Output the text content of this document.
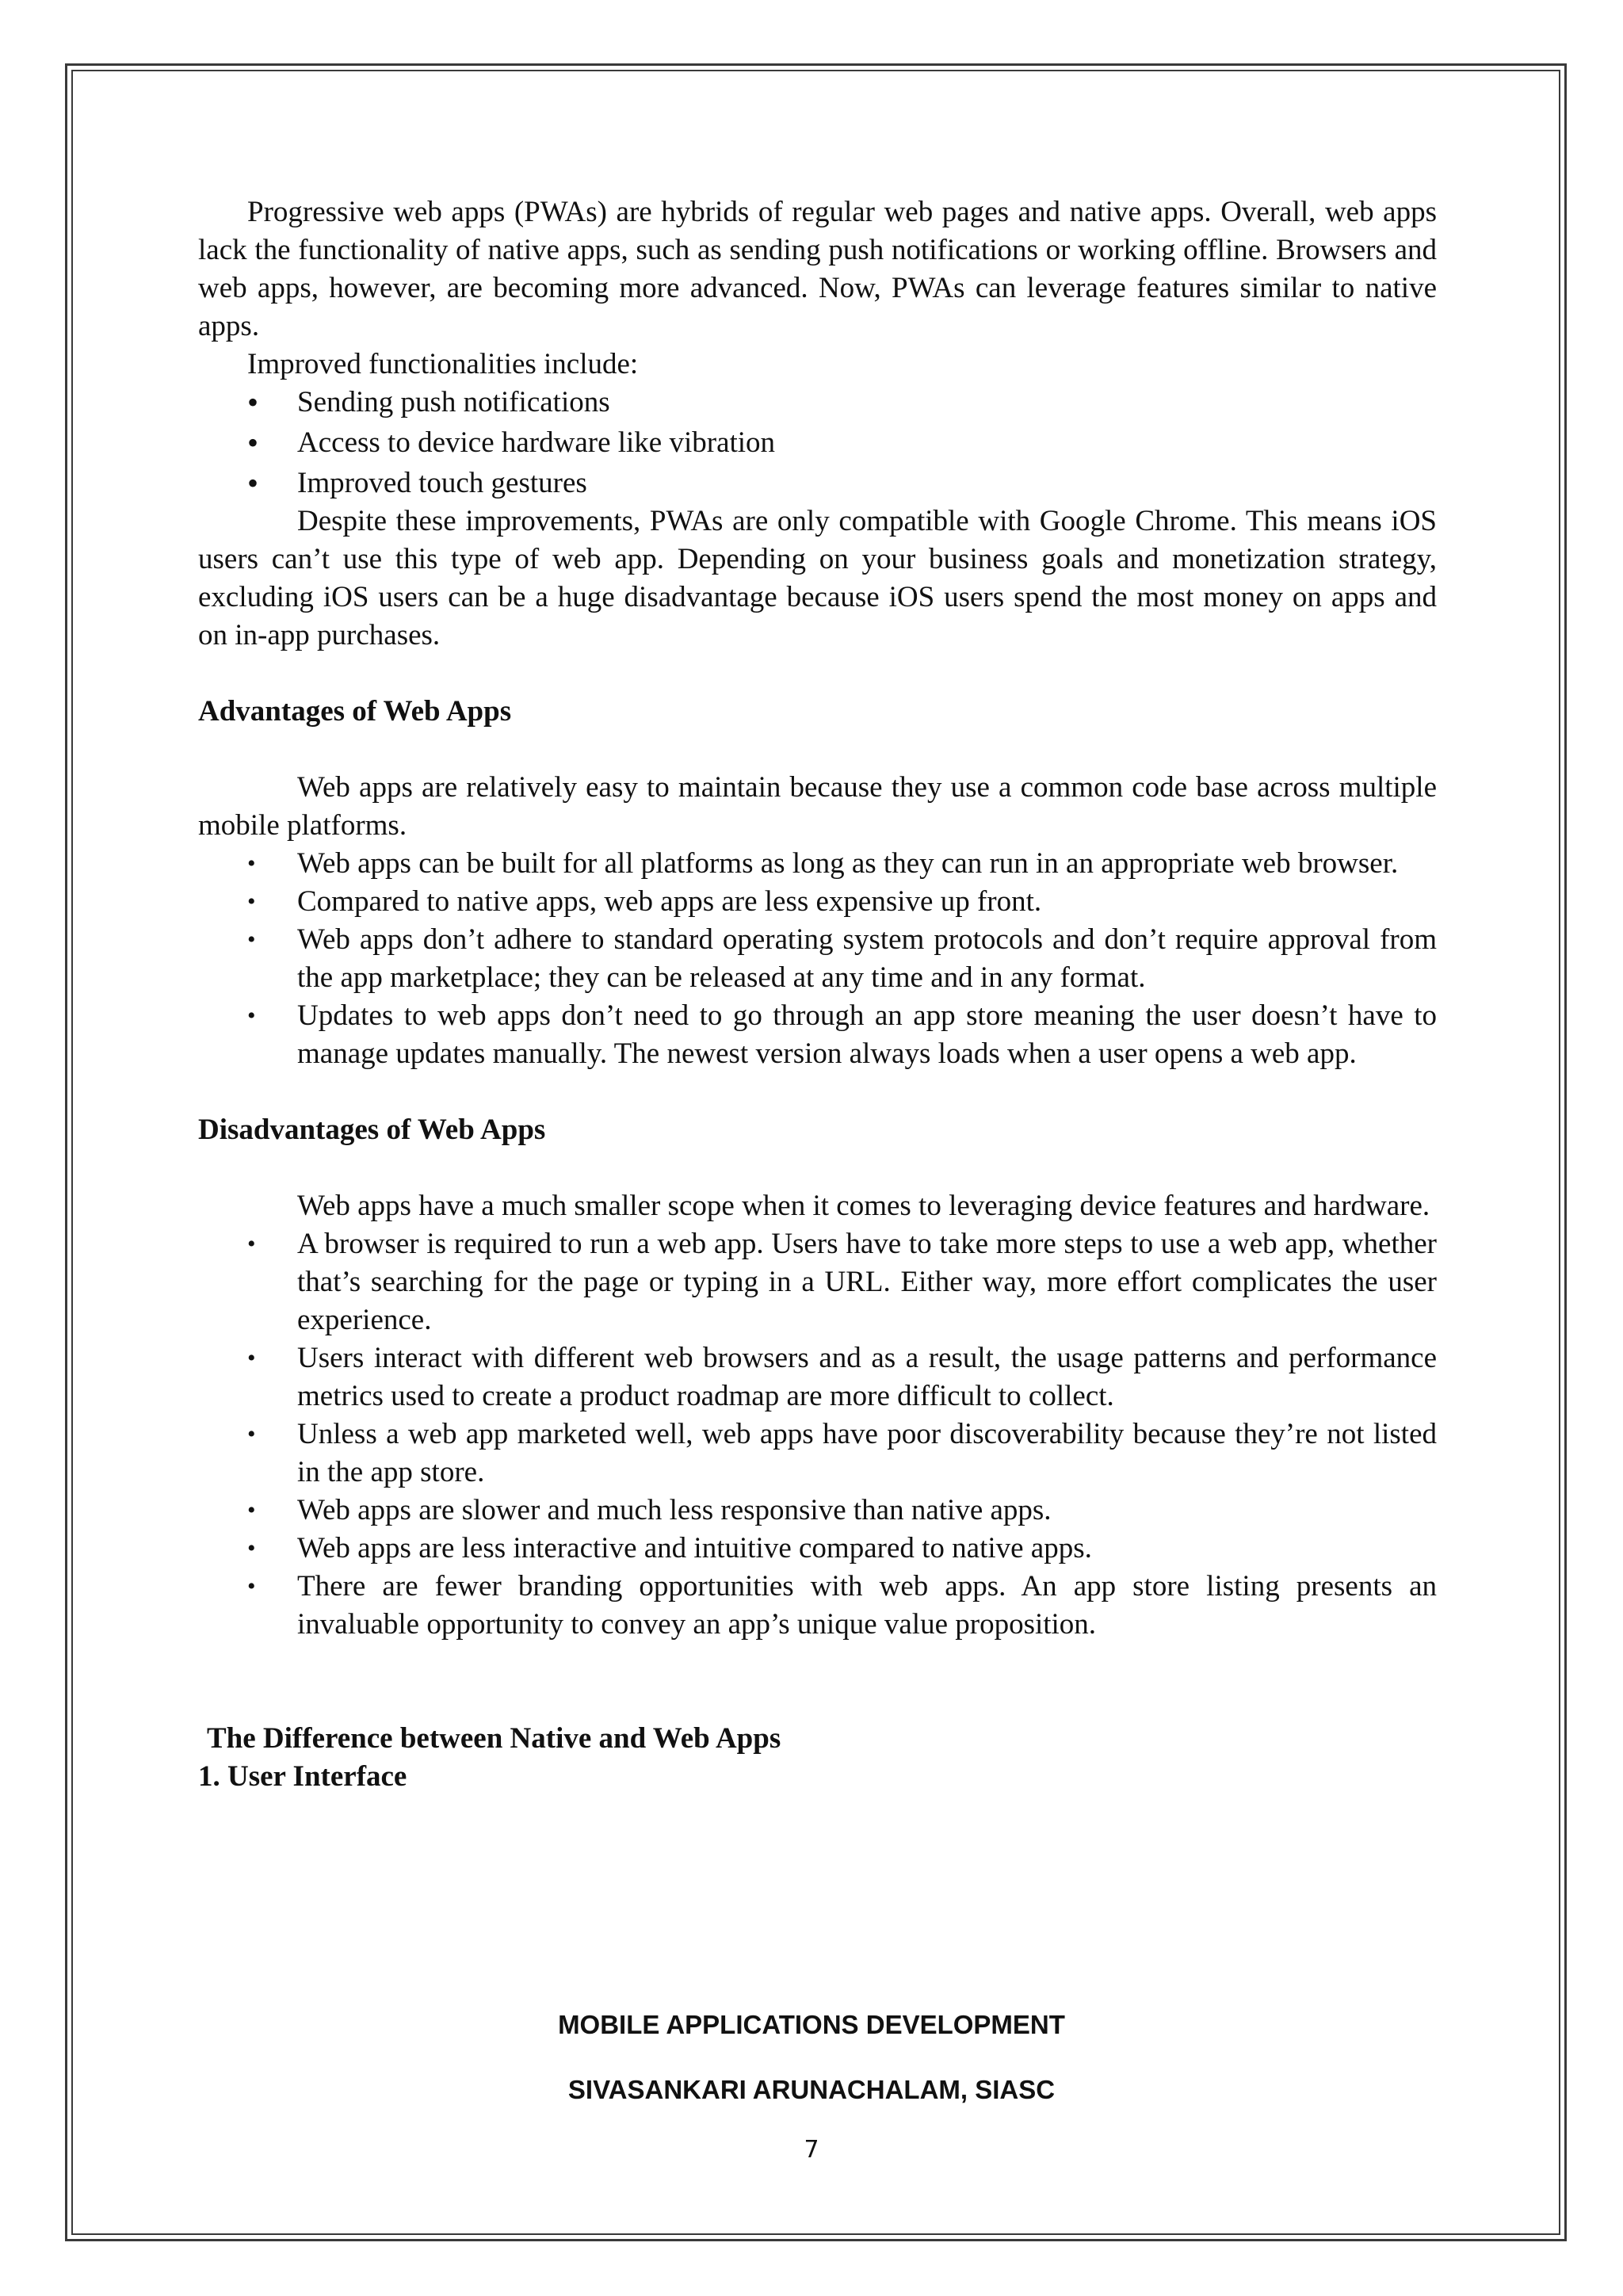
Progressive web apps (PWAs) are hybrids of regular web pages and native apps. Overall, web apps lack the functionality of native apps, such as sending push notifications or working offline. Browsers and web apps, however, are becoming more advanced. Now, PWAs can leverage features similar to native apps.

Improved functionalities include:

• Sending push notifications
• Access to device hardware like vibration
• Improved touch gestures

Despite these improvements, PWAs are only compatible with Google Chrome. This means iOS users can’t use this type of web app. Depending on your business goals and monetization strategy, excluding iOS users can be a huge disadvantage because iOS users spend the most money on apps and on in-app purchases.

Advantages of Web Apps

Web apps are relatively easy to maintain because they use a common code base across multiple mobile platforms.

• Web apps can be built for all platforms as long as they can run in an appropriate web browser.
• Compared to native apps, web apps are less expensive up front.
• Web apps don’t adhere to standard operating system protocols and don’t require approval from the app marketplace; they can be released at any time and in any format.
• Updates to web apps don’t need to go through an app store meaning the user doesn’t have to manage updates manually. The newest version always loads when a user opens a web app.

Disadvantages of Web Apps

Web apps have a much smaller scope when it comes to leveraging device features and hardware.

• A browser is required to run a web app. Users have to take more steps to use a web app, whether that’s searching for the page or typing in a URL. Either way, more effort complicates the user experience.
• Users interact with different web browsers and as a result, the usage patterns and performance metrics used to create a product roadmap are more difficult to collect.
• Unless a web app marketed well, web apps have poor discoverability because they’re not listed in the app store.
• Web apps are slower and much less responsive than native apps.
• Web apps are less interactive and intuitive compared to native apps.
• There are fewer branding opportunities with web apps. An app store listing presents an invaluable opportunity to convey an app’s unique value proposition.

The Difference between Native and Web Apps

1. User Interface

MOBILE APPLICATIONS DEVELOPMENT
SIVASANKARI ARUNACHALAM, SIASC
7
